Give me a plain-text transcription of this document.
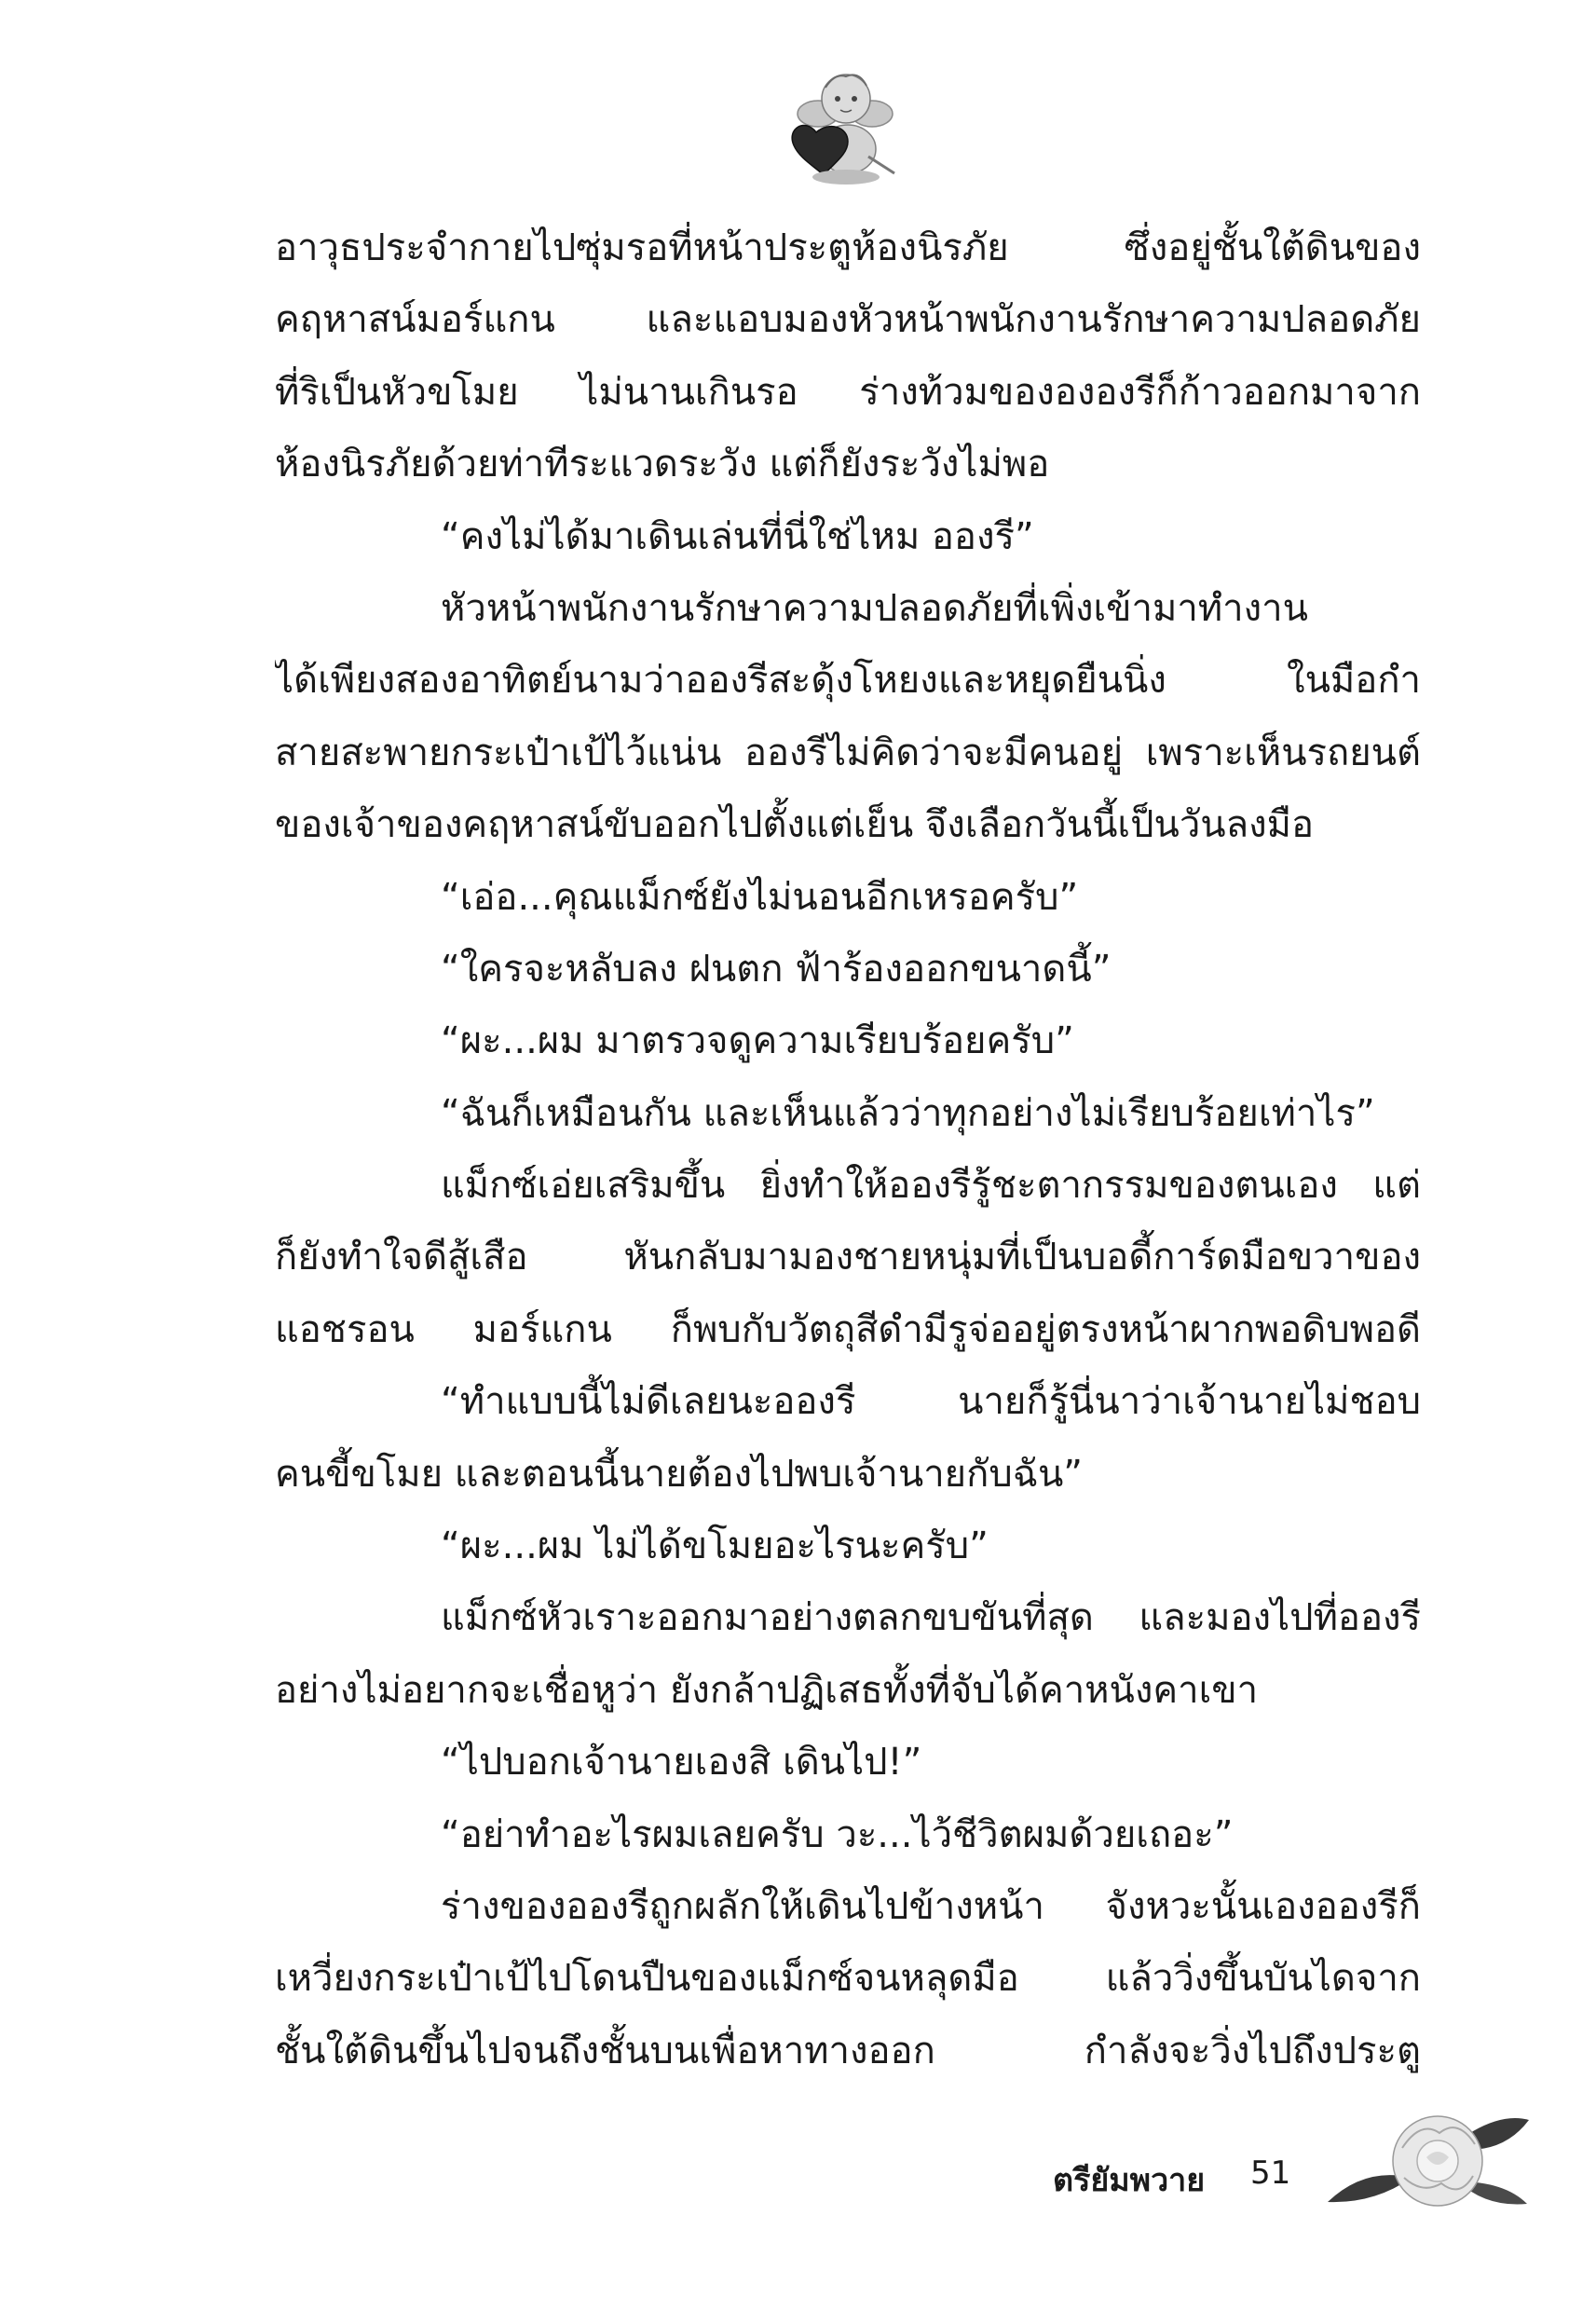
อาวุธประจำกายไปซุ่มรอที่หน้าประตูห้องนิรภัย ซึ่งอยู่ชั้นใต้ดินของ
คฤหาสน์มอร์แกน และแอบมองหัวหน้าพนักงานรักษาความปลอดภัย
ที่ริเป็นหัวขโมย ไม่นานเกินรอ ร่างท้วมของององรีก็ก้าวออกมาจาก
ห้องนิรภัยด้วยท่าทีระแวดระวัง แต่ก็ยังระวังไม่พอ
“คงไม่ได้มาเดินเล่นที่นี่ใช่ไหม อองรี”
หัวหน้าพนักงานรักษาความปลอดภัยที่เพิ่งเข้ามาทำงาน
ได้เพียงสองอาทิตย์นามว่าอองรีสะดุ้งโหยงและหยุดยืนนิ่ง ในมือกำ
สายสะพายกระเป๋าเป้ไว้แน่น อองรีไม่คิดว่าจะมีคนอยู่ เพราะเห็นรถยนต์
ของเจ้าของคฤหาสน์ขับออกไปตั้งแต่เย็น จึงเลือกวันนี้เป็นวันลงมือ
“เอ่อ...คุณแม็กซ์ยังไม่นอนอีกเหรอครับ”
“ใครจะหลับลง ฝนตก ฟ้าร้องออกขนาดนี้”
“ผะ...ผม มาตรวจดูความเรียบร้อยครับ”
“ฉันก็เหมือนกัน และเห็นแล้วว่าทุกอย่างไม่เรียบร้อยเท่าไร”
แม็กซ์เอ่ยเสริมขึ้น ยิ่งทำให้อองรีรู้ชะตากรรมของตนเอง แต่
ก็ยังทำใจดีสู้เสือ หันกลับมามองชายหนุ่มที่เป็นบอดี้การ์ดมือขวาของ
แอชรอน มอร์แกน ก็พบกับวัตถุสีดำมีรูจ่ออยู่ตรงหน้าผากพอดิบพอดี
“ทำแบบนี้ไม่ดีเลยนะอองรี นายก็รู้นี่นาว่าเจ้านายไม่ชอบ
คนขี้ขโมย และตอนนี้นายต้องไปพบเจ้านายกับฉัน”
“ผะ...ผม ไม่ได้ขโมยอะไรนะครับ”
แม็กซ์หัวเราะออกมาอย่างตลกขบขันที่สุด และมองไปที่อองรี
อย่างไม่อยากจะเชื่อหูว่า ยังกล้าปฏิเสธทั้งที่จับได้คาหนังคาเขา
“ไปบอกเจ้านายเองสิ เดินไป!”
“อย่าทำอะไรผมเลยครับ วะ...ไว้ชีวิตผมด้วยเถอะ”
ร่างของอองรีถูกผลักให้เดินไปข้างหน้า จังหวะนั้นเองอองรีก็
เหวี่ยงกระเป๋าเป้ไปโดนปืนของแม็กซ์จนหลุดมือ แล้ววิ่งขึ้นบันไดจาก
ชั้นใต้ดินขึ้นไปจนถึงชั้นบนเพื่อหาทางออก กำลังจะวิ่งไปถึงประตู
ตรียัมพวาย 51
